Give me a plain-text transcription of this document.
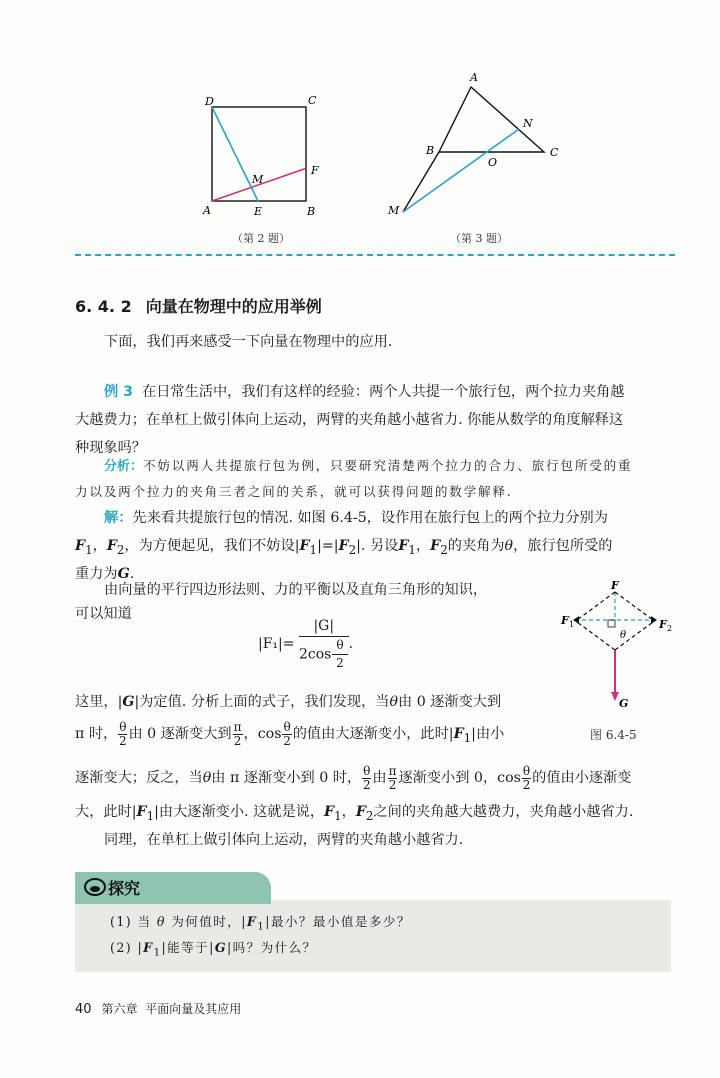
D	C
A	B
E
F
M
（第 2 题）
A
B	C
N
O
M
（第 3 题）
6. 4. 2 向量在物理中的应用举例
下面，我们再来感受一下向量在物理中的应用.
例 3 在日常生活中，我们有这样的经验：两个人共提一个旅行包，两个拉力夹角越
大越费力；在单杠上做引体向上运动，两臂的夹角越小越省力. 你能从数学的角度解释这
种现象吗？
分析：不妨以两人共提旅行包为例，只要研究清楚两个拉力的合力、旅行包所受的重
力以及两个拉力的夹角三者之间的关系，就可以获得问题的数学解释.
解：先来看共提旅行包的情况. 如图 6.4-5，设作用在旅行包上的两个拉力分别为
$F_1$，$F_2$，为方便起见，我们不妨设$|F_1|=|F_2|$. 另设$F_1$，$F_2$的夹角为θ，旅行包所受的
重力为G.
由向量的平行四边形法则、力的平衡以及直角三角形的知识，
可以知道
$|F_1|= \frac{|G|}{2\cos \frac{\theta}{2}}$ .
F
F 1	F 2
θ
G
图 6.4-5
这里，|G|为定值. 分析上面的式子，我们发现，当θ由 0 逐渐变大到
π 时， $\frac{\theta}{2}$ 由 0 逐渐变大到 $\frac{\pi}{2}$ ，$\cos \frac{\theta}{2}$ 的值由大逐渐变小，此时$|F_1|$由小
逐渐变大；反之，当θ由 π 逐渐变小到 0 时， $\frac{\theta}{2}$ 由 $\frac{\pi}{2}$ 逐渐变小到 0，$\cos \frac{\theta}{2}$ 的值由小逐渐变
大，此时$|F_1|$由大逐渐变小. 这就是说，$F_1$，$F_2$之间的夹角越大越费力，夹角越小越省力.
同理，在单杠上做引体向上运动，两臂的夹角越小越省力.
探究
(1) 当 θ 为何值时，$|F_1|$最小？最小值是多少？
(2) $|F_1|$能等于|G|吗？为什么？
40 第六章 平面向量及其应用
